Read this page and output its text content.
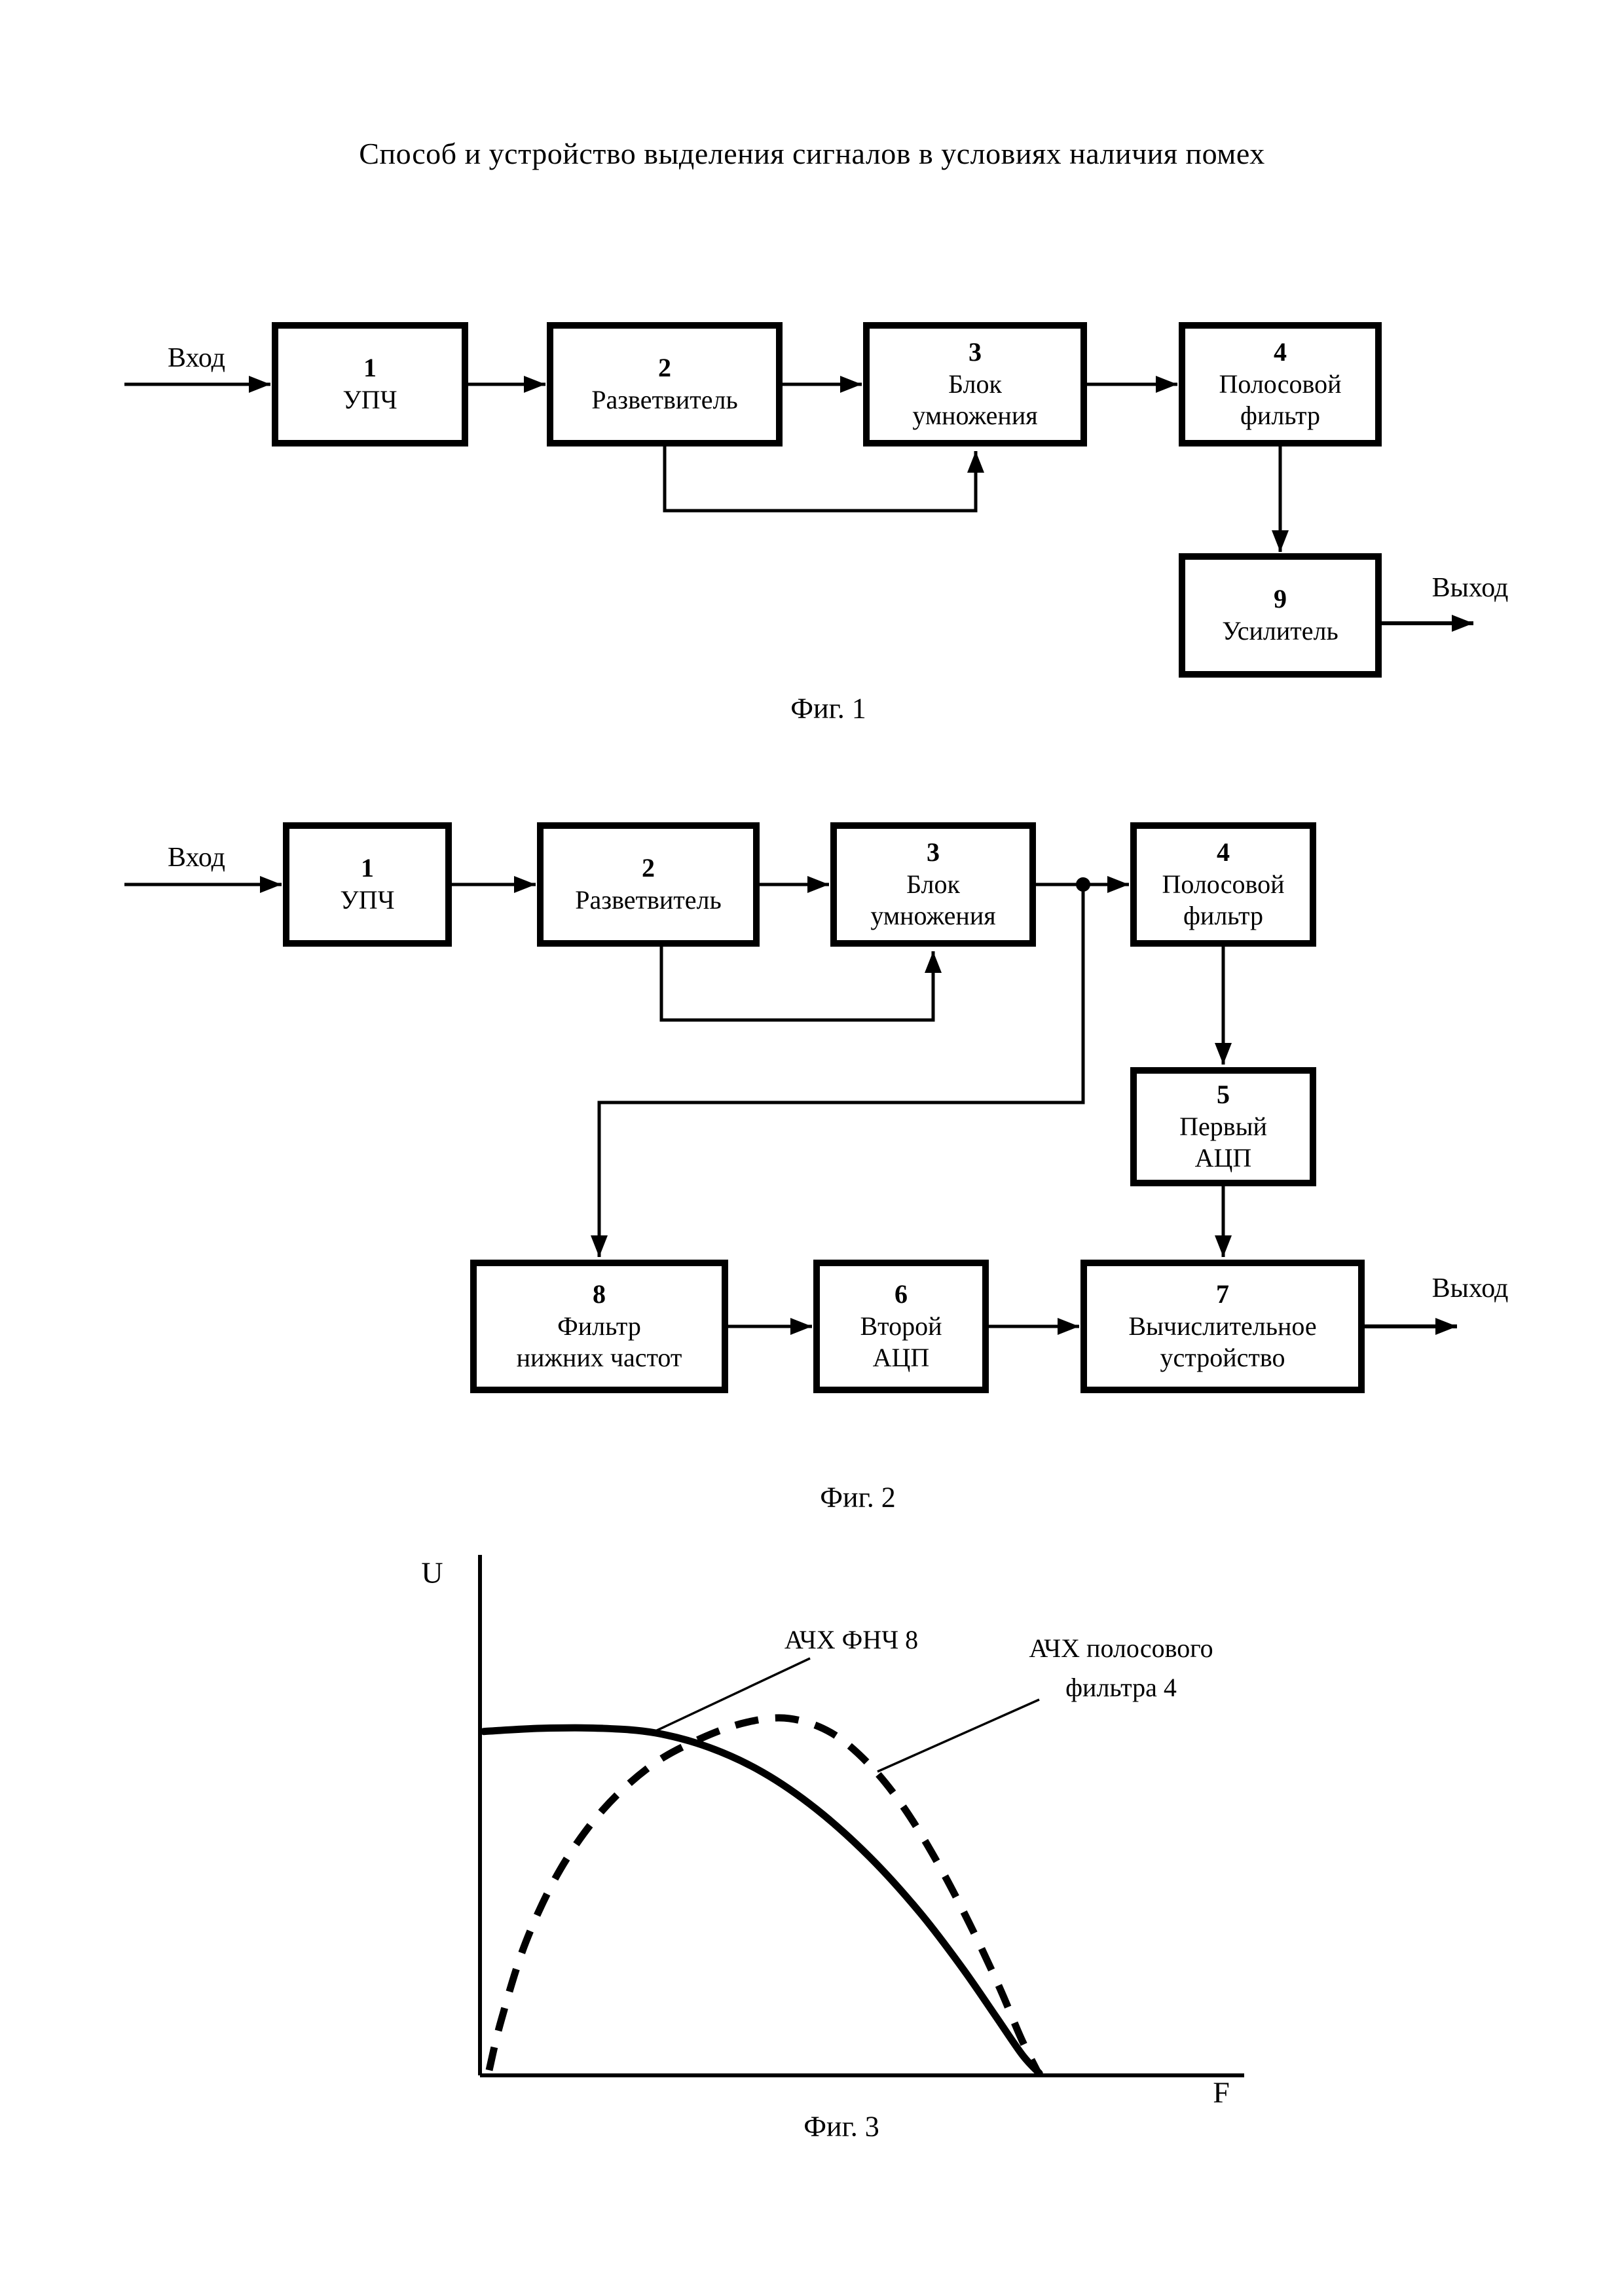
Способ и устройство выделения сигналов в условиях наличия помех
Вход	1
УПЧ
2
Разветвитель
3
Блок
умножения
4
Полосовой
фильтр
9
Усилитель
Выход
Фиг. 1
Вход	1
УПЧ
2
Разветвитель
3
Блок
умножения
4
Полосовой
фильтр
5
Первый
АЦП
8
Фильтр
нижних частот
6
Второй
АЦП
7
Вычислительное
устройство
Выход
Фиг. 2
U
F
АЧХ ФНЧ 8	АЧХ полосового
фильтра 4
Фиг. 3
